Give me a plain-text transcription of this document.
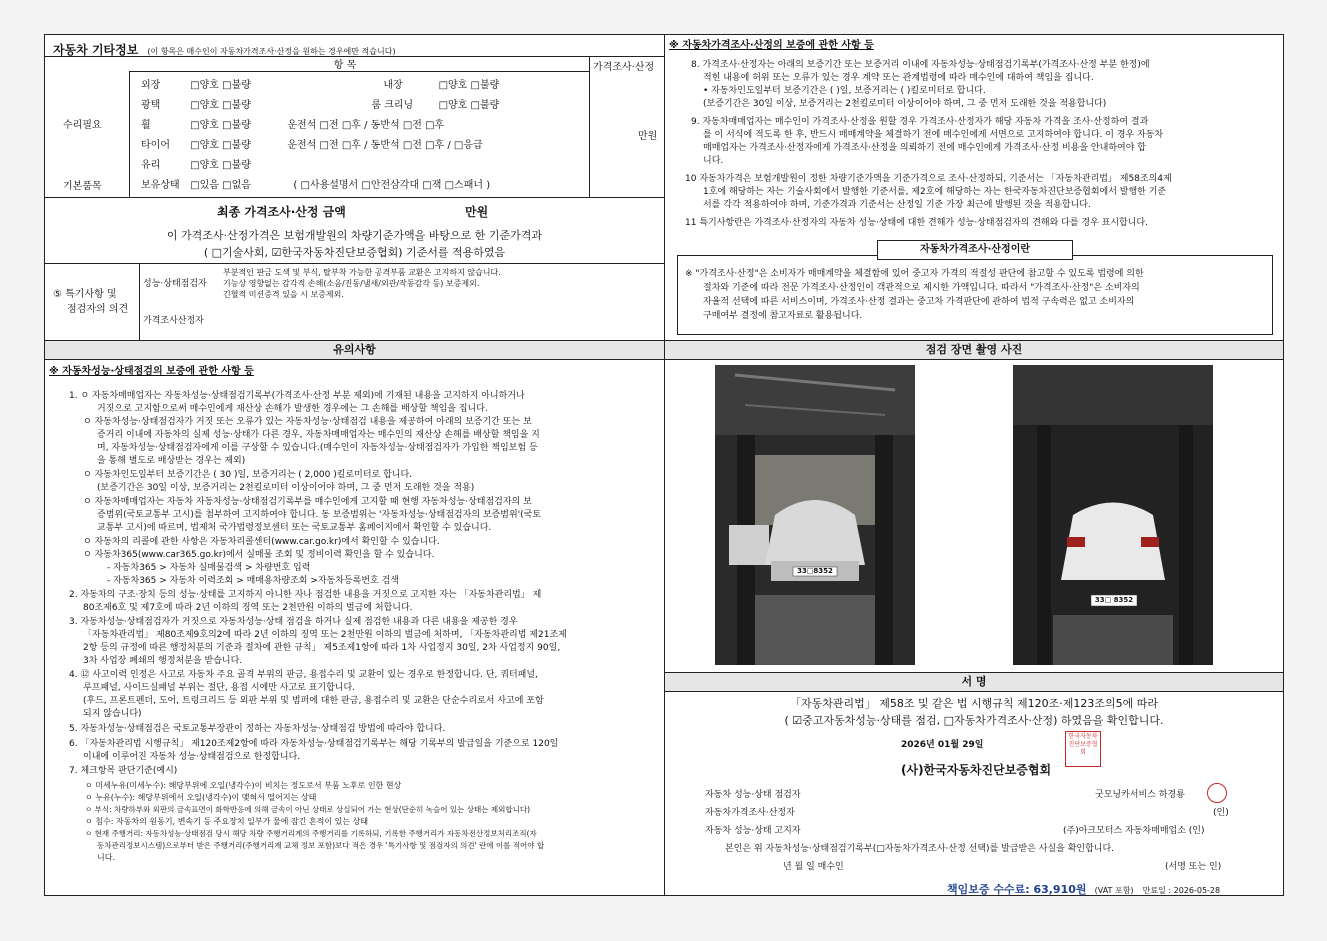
자동차 기타정보 (이 항목은 매수인이 자동차가격조사·산정을 원하는 경우에만 적습니다)
항 목	가격조사·산정
수리필요
기본품목
만원
외장	□양호 □불량	내장	□양호 □불량
광택	□양호 □불량	룸 크리닝	□양호 □불량
휠	□양호 □불량	운전석 □전 □후 / 동반석 □전 □후
타이어 □양호 □불량	운전석 □전 □후 / 동반석 □전 □후 / □응급
유리	□양호 □불량
보유상태 □있음 □없음	( □사용설명서 □안전삼각대 □잭 □스패너 )
최종 가격조사·산정 금액	만원
이 가격조사·산정가격은 보험개발원의 차량기준가액을 바탕으로 한 기준가격과
( □기술사회, ☑한국자동차진단보증협회) 기준서를 적용하였음
⑤ 특기사항 및
점검자의 의견
성능·상태점검자
부분적인 판금 도색 및 부식, 탈부착 가능한 공격부품 교환은 고지하지 않습니다.
기능상 영향없는 감각적 손해(소음/진동/냄새/외관/작동감각 등) 보증제외.
긴혈적 미션증격 있을 시 보증제외.
가격조사산정자
※ 자동차가격조사·산정의 보증에 관한 사항 등
8. 가격조사·산정자는 아래의 보증기간 또는 보증거리 이내에 자동차성능·상태점검기록부(가격조사·산정 부분 한정)에
적힌 내용에 허위 또는 오류가 있는 경우 계약 또는 관계법령에 따라 매수인에 대하여 책임을 집니다.
• 자동차인도일부터 보증기간은 ( )일, 보증거리는 ( )킬로미터로 합니다.
(보증기간은 30일 이상, 보증거리는 2천킬로미터 이상이어야 하며, 그 중 먼저 도래한 것을 적용합니다)
9. 자동차매매업자는 매수인이 가격조사·산정을 원할 경우 가격조사·산정자가 해당 자동차 가격을 조사·산정하여 결과
를 이 서식에 적도록 한 후, 반드시 매매계약을 체결하기 전에 매수인에게 서면으로 고지하여야 합니다. 이 경우 자동차
매매업자는 가격조사·산정자에게 가격조사·산정을 의뢰하기 전에 매수인에게 가격조사·산정 비용을 안내하여야 합
니다.
10 자동차가격은 보험개발원이 정한 차량기준가액을 기준가격으로 조사·산정하되, 기준서는 「자동차관리법」 제58조의4제
1호에 해당하는 자는 기술사회에서 발행한 기준서를, 제2호에 해당하는 자는 한국자동차진단보증협회에서 발행한 기준
서를 각각 적용하여야 하며, 기준가격과 기준서는 산정일 기준 가장 최근에 발행된 것을 적용합니다.
11 특기사항란은 가격조사·산정자의 자동차 성능·상태에 대한 견해가 성능·상태점검자의 견해와 다를 경우 표시합니다.
자동차가격조사·산정이란
※ "가격조사·산정"은 소비자가 매매계약을 체결함에 있어 중고자 가격의 적절성 판단에 참고할 수 있도록 법령에 의한
절차와 기준에 따라 전문 가격조사·산정인이 객관적으로 제시한 가액입니다. 따라서 "가격조사·산정"은 소비자의
자율적 선택에 따른 서비스이며, 가격조사·산정 결과는 중고차 가격판단에 관하여 법적 구속력은 없고 소비자의
구매여부 결정에 참고자료로 활용됩니다.
유의사항
※ 자동차성능·상태점검의 보증에 관한 사항 등
1. ㅇ 자동차매매업자는 자동차성능·상태점검기록부(가격조사·산정 부분 제외)에 기재된 내용을 고지하지 아니하거나
거짓으로 고지함으로써 매수인에게 재산상 손해가 발생한 경우에는 그 손해를 배상할 책임을 집니다.
ㅇ 자동차성능·상태점검자가 거짓 또는 오류가 있는 자동차성능·상태점검 내용을 제공하여 아래의 보증기간 또는 보
증거리 이내에 자동차의 실제 성능·상태가 다른 경우, 자동차매매업자는 매수인의 재산상 손해를 배상할 책임을 지
며, 자동차성능·상태점검자에게 이를 구상할 수 있습니다.(매수인이 자동차성능·상태점검자가 가입한 책임보험 등
을 통해 별도로 배상받는 경우는 제외)
ㅇ 자동차인도일부터 보증기간은 ( 30 )일, 보증거리는 ( 2,000 )킬로미터로 합니다.
(보증기간은 30일 이상, 보증거리는 2천킬로미터 이상이어야 하며, 그 중 먼저 도래한 것을 적용)
ㅇ 자동차매매업자는 자동차 자동차성능·상태점검기록부를 매수인에게 고지할 때 현행 자동차성능·상태점검자의 보
증범위(국토교통부 고시)를 첨부하여 고지하여야 합니다. 동 보증범위는 '자동차성능·상태점검자의 보증범위'(국토
교통부 고시)에 따르며, 법제처 국가법령정보센터 또는 국토교통부 홈페이지에서 확인할 수 있습니다.
ㅇ 자동차의 리콜에 관한 사항은 자동차리콜센터(www.car.go.kr)에서 확인할 수 있습니다.
ㅇ 자동차365(www.car365.go.kr)에서 실매물 조회 및 정비이력 확인을 할 수 있습니다.
- 자동차365 > 자동차 실매물검색 > 차량번호 입력
- 자동차365 > 자동차 이력조회 > 매매용차량조회 >자동차등록번호 검색
2. 자동차의 구조·장치 등의 성능·상태를 고지하지 아니한 자나 점검한 내용을 거짓으로 고지한 자는 「자동차관리법」 제
80조제6호 및 제7호에 따라 2년 이하의 징역 또는 2천만원 이하의 벌금에 처합니다.
3. 자동차성능·상태점검자가 거짓으로 자동차성능·상태 점검을 하거나 실제 점검한 내용과 다른 내용을 제공한 경우
「자동차관리법」 제80조제9호의2에 따라 2년 이하의 징역 또는 2천만원 이하의 벌금에 처하며, 「자동차관리법 제21조제
2항 등의 규정에 따른 행정처분의 기준과 절차에 관한 규칙」 제5조제1항에 따라 1차 사업정지 30일, 2차 사업정지 90일,
3차 사업장 폐쇄의 행정처분을 받습니다.
4. ⑫ 사고이력 인정은 사고로 자동차 주요 골격 부위의 판금, 용접수리 및 교환이 있는 경우로 한정합니다. 단, 쿼터패널,
루프패널, 사이드실패널 부위는 절단, 용접 시에만 사고로 표기합니다.
(후드, 프론트펜더, 도어, 트렁크리드 등 외판 부위 및 범퍼에 대한 판금, 용접수리 및 교환은 단순수리로서 사고에 포함
되지 않습니다)
5. 자동차성능·상태점검은 국토교통부장관이 정하는 자동차성능·상태점검 방법에 따라야 합니다.
6. 「자동차관리법 시행규칙」 제120조제2항에 따라 자동차성능·상태점검기록부는 해당 기록부의 발급일을 기준으로 120일
이내에 이루어진 자동차 성능·상태점검으로 한정합니다.
7. 체크항목 판단기준(예시)
ㅇ 미세누유(미세누수): 해당부위에 오일(냉각수)이 비치는 정도로서 부품 노후로 인한 현상
ㅇ 누유(누수): 해당부위에서 오일(냉각수)이 맺혀서 떨어지는 상태
ㅇ 부식: 차량하부와 외판의 금속표면이 화학반응에 의해 금속이 아닌 상태로 상실되어 가는 현상(단순히 녹슬어 있는 상태는 제외합니다)
ㅇ 침수: 자동차의 원동기, 변속기 등 주요장치 일부가 물에 잠긴 흔적이 있는 상태
ㅇ 현재 주행거리: 자동차성능·상태점검 당시 해당 차량 주행거리계의 주행거리를 기록하되, 기록한 주행거리가 자동차전산정보처리조직(자
동차관리정보시스템)으로부터 받은 주행거리(주행거리계 교체 정보 포함)보다 적은 경우 '특기사항 및 점검자의 의견' 란에 이를 적어야 합
니다.
점검 장면 촬영 사진
33□8352
33□ 8352
서 명
「자동차관리법」 제58조 및 같은 법 시행규칙 제120조·제123조의5에 따라
( ☑중고자동차성능·상태를 점검, □자동차가격조사·산정) 하였음을 확인합니다.
2026년 01월 29일
(사)한국자동차진단보증협회
한국자동차진단보증협회
자동차 성능·상태 점검자	굿모닝카서비스 하경룡
자동차가격조사·산정자	(인)
자동차 성능·상태 고지자	(주)아크모터스 자동차매매업소 (인)
본인은 위 자동차성능·상태점검기록부(□자동차가격조사·산정 선택)를 발급받은 사실을 확인합니다.
년 월 일 매수인	(서명 또는 인)
책임보증 수수료: 63,910원 (VAT 포함) 만료일 : 2026-05-28
